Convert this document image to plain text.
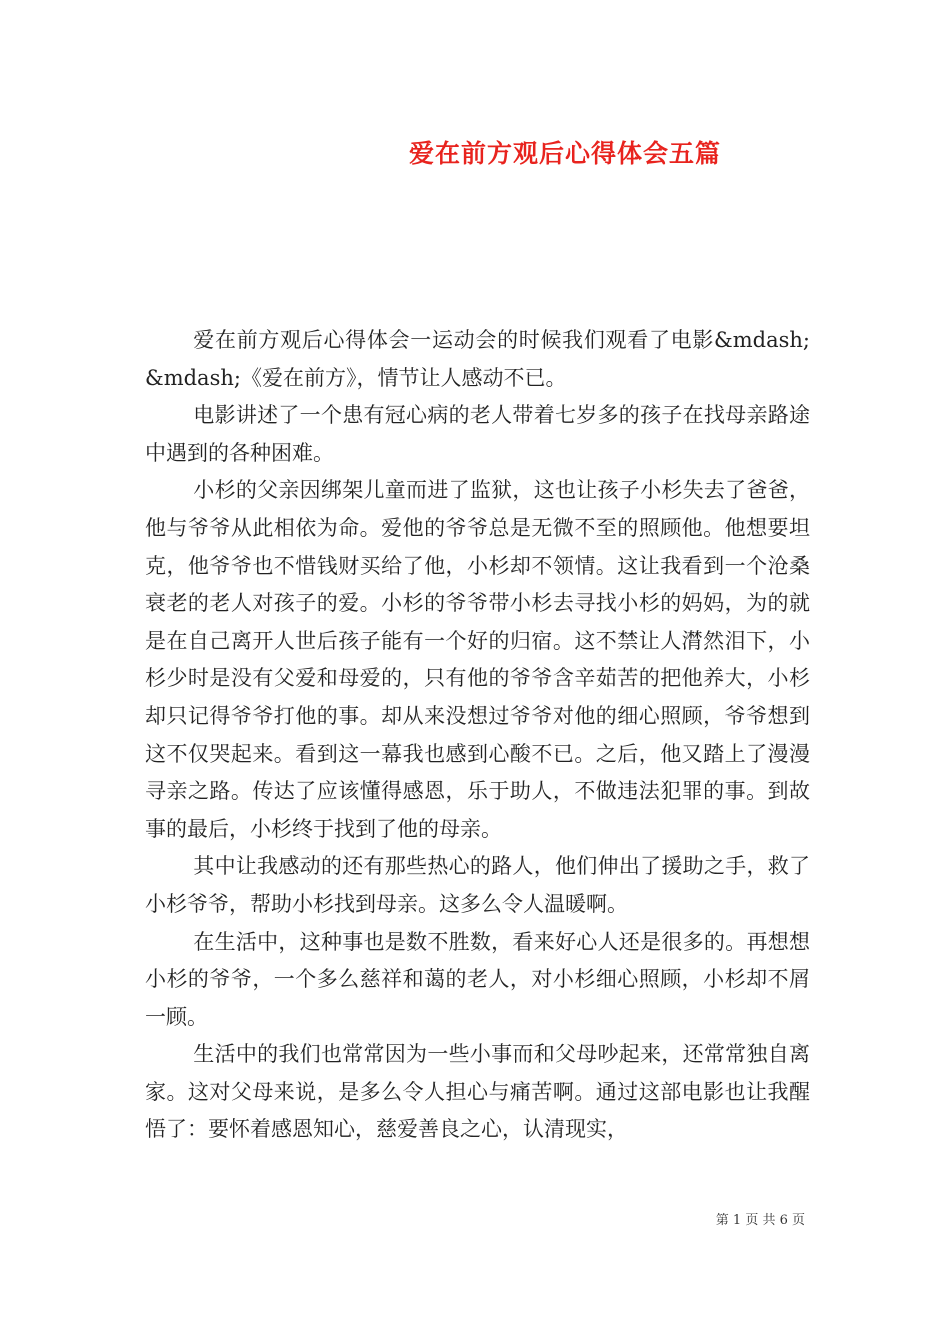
爱在前方观后心得体会五篇

爱在前方观后心得体会一运动会的时候我们观看了电影&mdash;&mdash;《爱在前方》，情节让人感动不已。

电影讲述了一个患有冠心病的老人带着七岁多的孩子在找母亲路途中遇到的各种困难。

小杉的父亲因绑架儿童而进了监狱，这也让孩子小杉失去了爸爸，他与爷爷从此相依为命。爱他的爷爷总是无微不至的照顾他。他想要坦克，他爷爷也不惜钱财买给了他，小杉却不领情。这让我看到一个沧桑衰老的老人对孩子的爱。小杉的爷爷带小杉去寻找小杉的妈妈，为的就是在自己离开人世后孩子能有一个好的归宿。这不禁让人潸然泪下，小杉少时是没有父爱和母爱的，只有他的爷爷含辛茹苦的把他养大，小杉却只记得爷爷打他的事。却从来没想过爷爷对他的细心照顾，爷爷想到这不仅哭起来。看到这一幕我也感到心酸不已。之后，他又踏上了漫漫寻亲之路。传达了应该懂得感恩，乐于助人，不做违法犯罪的事。到故事的最后，小杉终于找到了他的母亲。

其中让我感动的还有那些热心的路人，他们伸出了援助之手，救了小杉爷爷，帮助小杉找到母亲。这多么令人温暖啊。

在生活中，这种事也是数不胜数，看来好心人还是很多的。再想想小杉的爷爷，一个多么慈祥和蔼的老人，对小杉细心照顾，小杉却不屑一顾。

生活中的我们也常常因为一些小事而和父母吵起来，还常常独自离家。这对父母来说，是多么令人担心与痛苦啊。通过这部电影也让我醒悟了：要怀着感恩知心，慈爱善良之心，认清现实，

第 1 页 共 6 页
